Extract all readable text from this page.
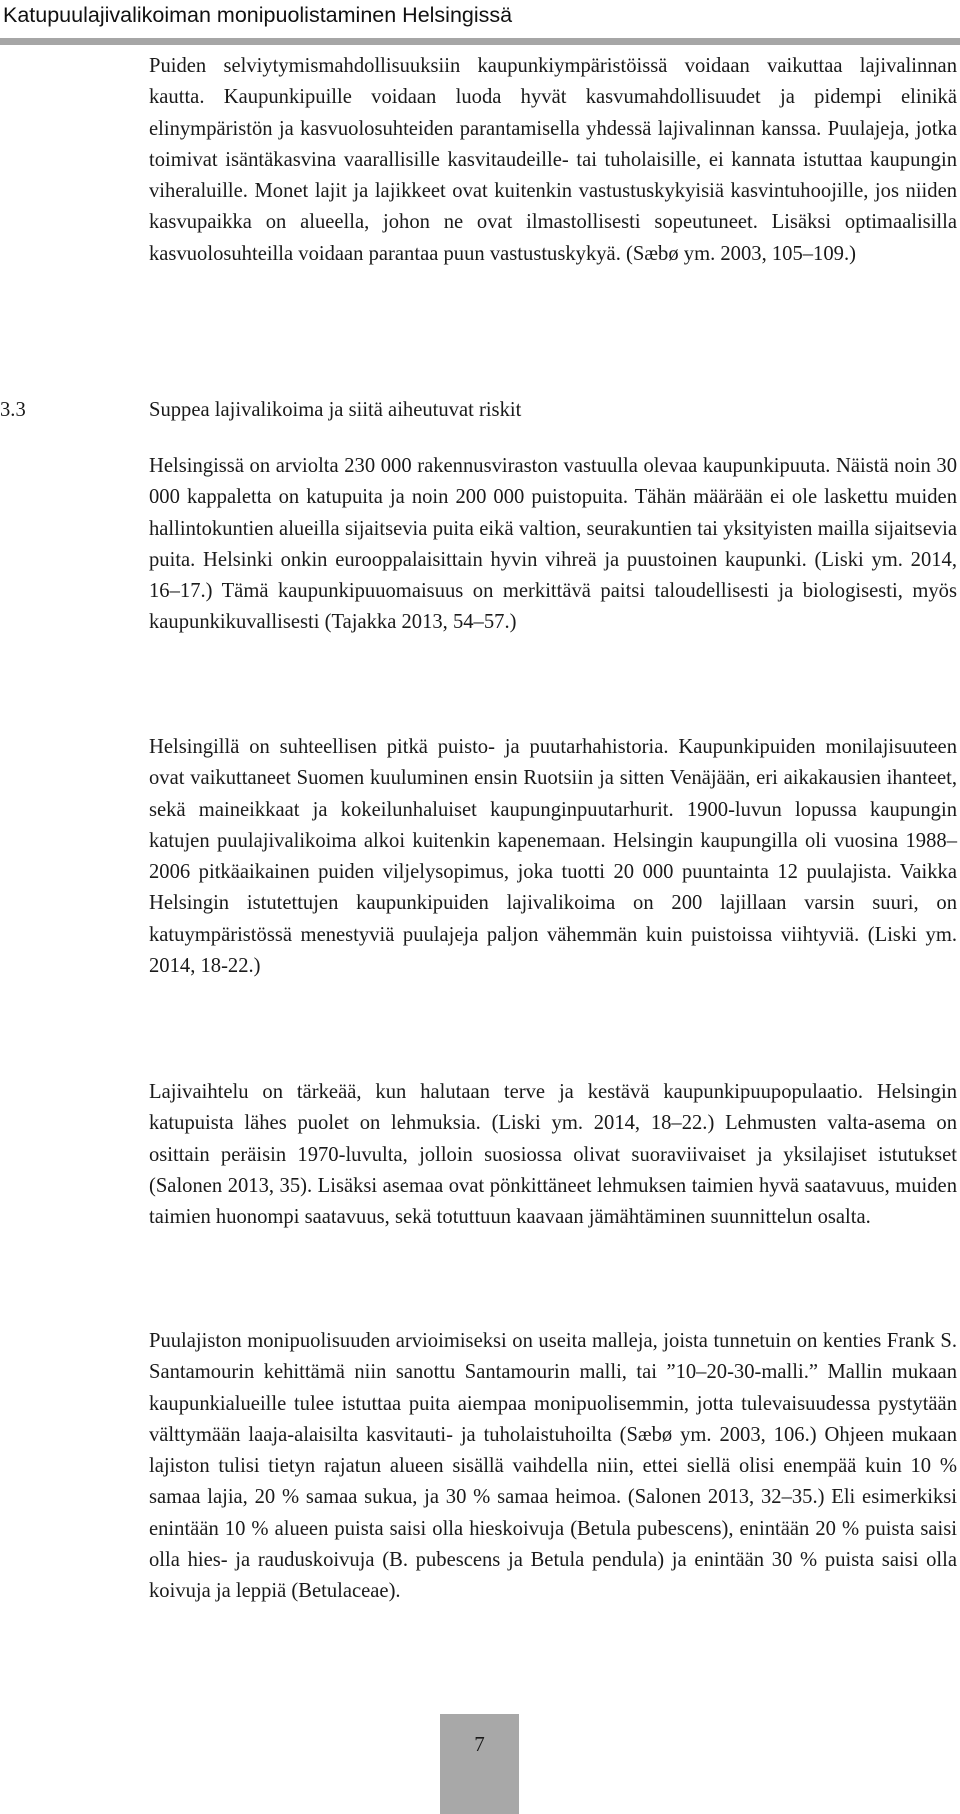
Katupuulajivalikoiman monipuolistaminen Helsingissä

Puiden selviytymismahdollisuuksiin kaupunkiympäristöissä voidaan vaikuttaa lajivalinnan kautta. Kaupunkipuille voidaan luoda hyvät kasvumahdollisuudet ja pidempi elinikä elinympäristön ja kasvuolosuhteiden parantamisella yhdessä lajivalinnan kanssa. Puulajeja, jotka toimivat isäntäkasvina vaarallisille kasvitaudeille- tai tuholaisille, ei kannata istuttaa kaupungin viheraluille. Monet lajit ja lajikkeet ovat kuitenkin vastustuskykyisiä kasvintuhoojille, jos niiden kasvupaikka on alueella, johon ne ovat ilmastollisesti sopeutuneet. Lisäksi optimaalisilla kasvuolosuhteilla voidaan parantaa puun vastustuskykyä. (Sæbø ym. 2003, 105–109.)

Helsingissä on arviolta 230 000 rakennusviraston vastuulla olevaa kaupunkipuuta. Näistä noin 30 000 kappaletta on katupuita ja noin 200 000 puistopuita. Tähän määrään ei ole laskettu muiden hallintokuntien alueilla sijaitsevia puita eikä valtion, seurakuntien tai yksityisten mailla sijaitsevia puita. Helsinki onkin eurooppalaisittain hyvin vihreä ja puustoinen kaupunki. (Liski ym. 2014, 16–17.) Tämä kaupunkipuuomaisuus on merkittävä paitsi taloudellisesti ja biologisesti, myös kaupunkikuvallisesti (Tajakka 2013, 54–57.)

Helsingillä on suhteellisen pitkä puisto- ja puutarhahistoria. Kaupunkipuiden monilajisuuteen ovat vaikuttaneet Suomen kuuluminen ensin Ruotsiin ja sitten Venäjään, eri aikakausien ihanteet, sekä maineikkaat ja kokeilunhaluiset kaupunginpuutarhurit. 1900-luvun lopussa kaupungin katujen puulajivalikoima alkoi kuitenkin kapenemaan. Helsingin kaupungilla oli vuosina 1988–2006 pitkäaikainen puiden viljelysopimus, joka tuotti 20 000 puuntainta 12 puulajista. Vaikka Helsingin istutettujen kaupunkipuiden lajivalikoima on 200 lajillaan varsin suuri, on katuympäristössä menestyviä puulajeja paljon vähemmän kuin puistoissa viihtyviä. (Liski ym. 2014, 18-22.)

Lajivaihtelu on tärkeää, kun halutaan terve ja kestävä kaupunkipuupopulaatio. Helsingin katupuista lähes puolet on lehmuksia. (Liski ym. 2014, 18–22.) Lehmusten valta-asema on osittain peräisin 1970-luvulta, jolloin suosiossa olivat suoraviivaiset ja yksilajiset istutukset (Salonen 2013, 35). Lisäksi asemaa ovat pönkittäneet lehmuksen taimien hyvä saatavuus, muiden taimien huonompi saatavuus, sekä totuttuun kaavaan jämähtäminen suunnittelun osalta.

Puulajiston monipuolisuuden arvioimiseksi on useita malleja, joista tunnetuin on kenties Frank S. Santamourin kehittämä niin sanottu Santamourin malli, tai ”10–20-30-malli.” Mallin mukaan kaupunkialueille tulee istuttaa puita aiempaa monipuolisemmin, jotta tulevaisuudessa pystytään välttymään laaja-alaisilta kasvitauti- ja tuholaistuhoilta (Sæbø ym. 2003, 106.) Ohjeen mukaan lajiston tulisi tietyn rajatun alueen sisällä vaihdella niin, ettei siellä olisi enempää kuin 10 % samaa lajia, 20 % samaa sukua, ja 30 % samaa heimoa. (Salonen 2013, 32–35.) Eli esimerkiksi enintään 10 % alueen puista saisi olla hieskoivuja (Betula pubescens), enintään 20 % puista saisi olla hies- ja rauduskoivuja (B. pubescens ja Betula pendula) ja enintään 30 % puista saisi olla koivuja ja leppiä (Betulaceae).

3.3	Suppea lajivalikoima ja siitä aiheutuvat riskit
7
